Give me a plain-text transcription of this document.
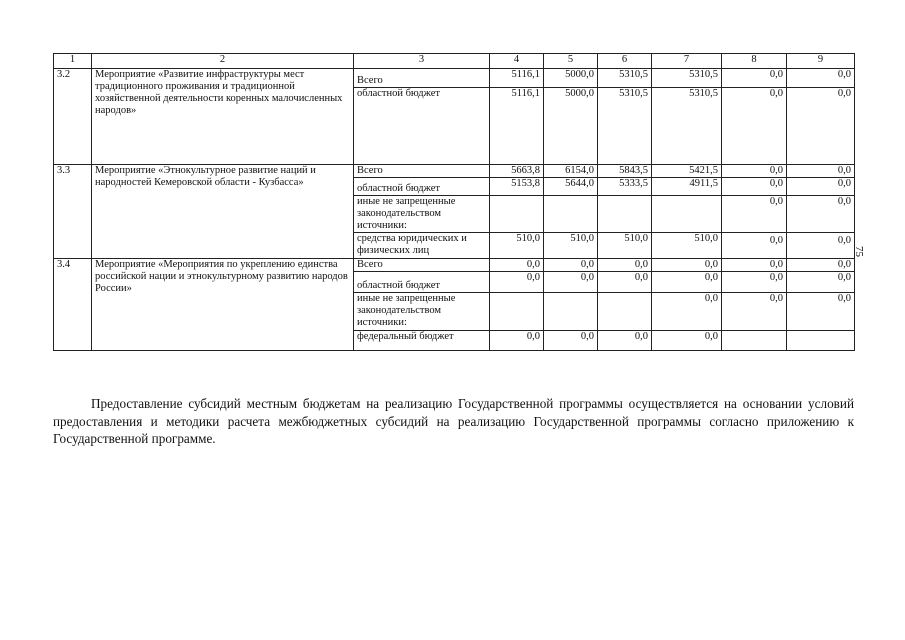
1	2	3	4	5	6	7	8	9
3.2	Мероприятие «Развитие инфраструктуры мест традиционного проживания и традиционной хозяйственной деятельности коренных малочисленных народов»	Всего	5116,1	5000,0	5310,5	5310,5	0,0	0,0
		областной бюджет	5116,1	5000,0	5310,5	5310,5	0,0	0,0
3.3	Мероприятие «Этнокультурное развитие наций и народностей Кемеровской области - Кузбасса»	Всего	5663,8	6154,0	5843,5	5421,5	0,0	0,0
		областной бюджет	5153,8	5644,0	5333,5	4911,5	0,0	0,0
		иные не запрещенные законодательством источники:					0,0	0,0
		средства юридических и физических лиц	510,0	510,0	510,0	510,0	0,0	0,0
3.4	Мероприятие «Мероприятия по укреплению единства российской нации и этнокультурному развитию народов России»	Всего	0,0	0,0	0,0	0,0	0,0	0,0
		областной бюджет	0,0	0,0	0,0	0,0	0,0	0,0
		иные не запрещенные законодательством источники:				0,0	0,0	0,0
		федеральный бюджет	0,0	0,0	0,0	0,0		

Предоставление субсидий местным бюджетам на реализацию Государственной программы осуществляется на основании условий предоставления и методики расчета межбюджетных субсидий на реализацию Государственной программы согласно приложению к Государственной программе.

75
